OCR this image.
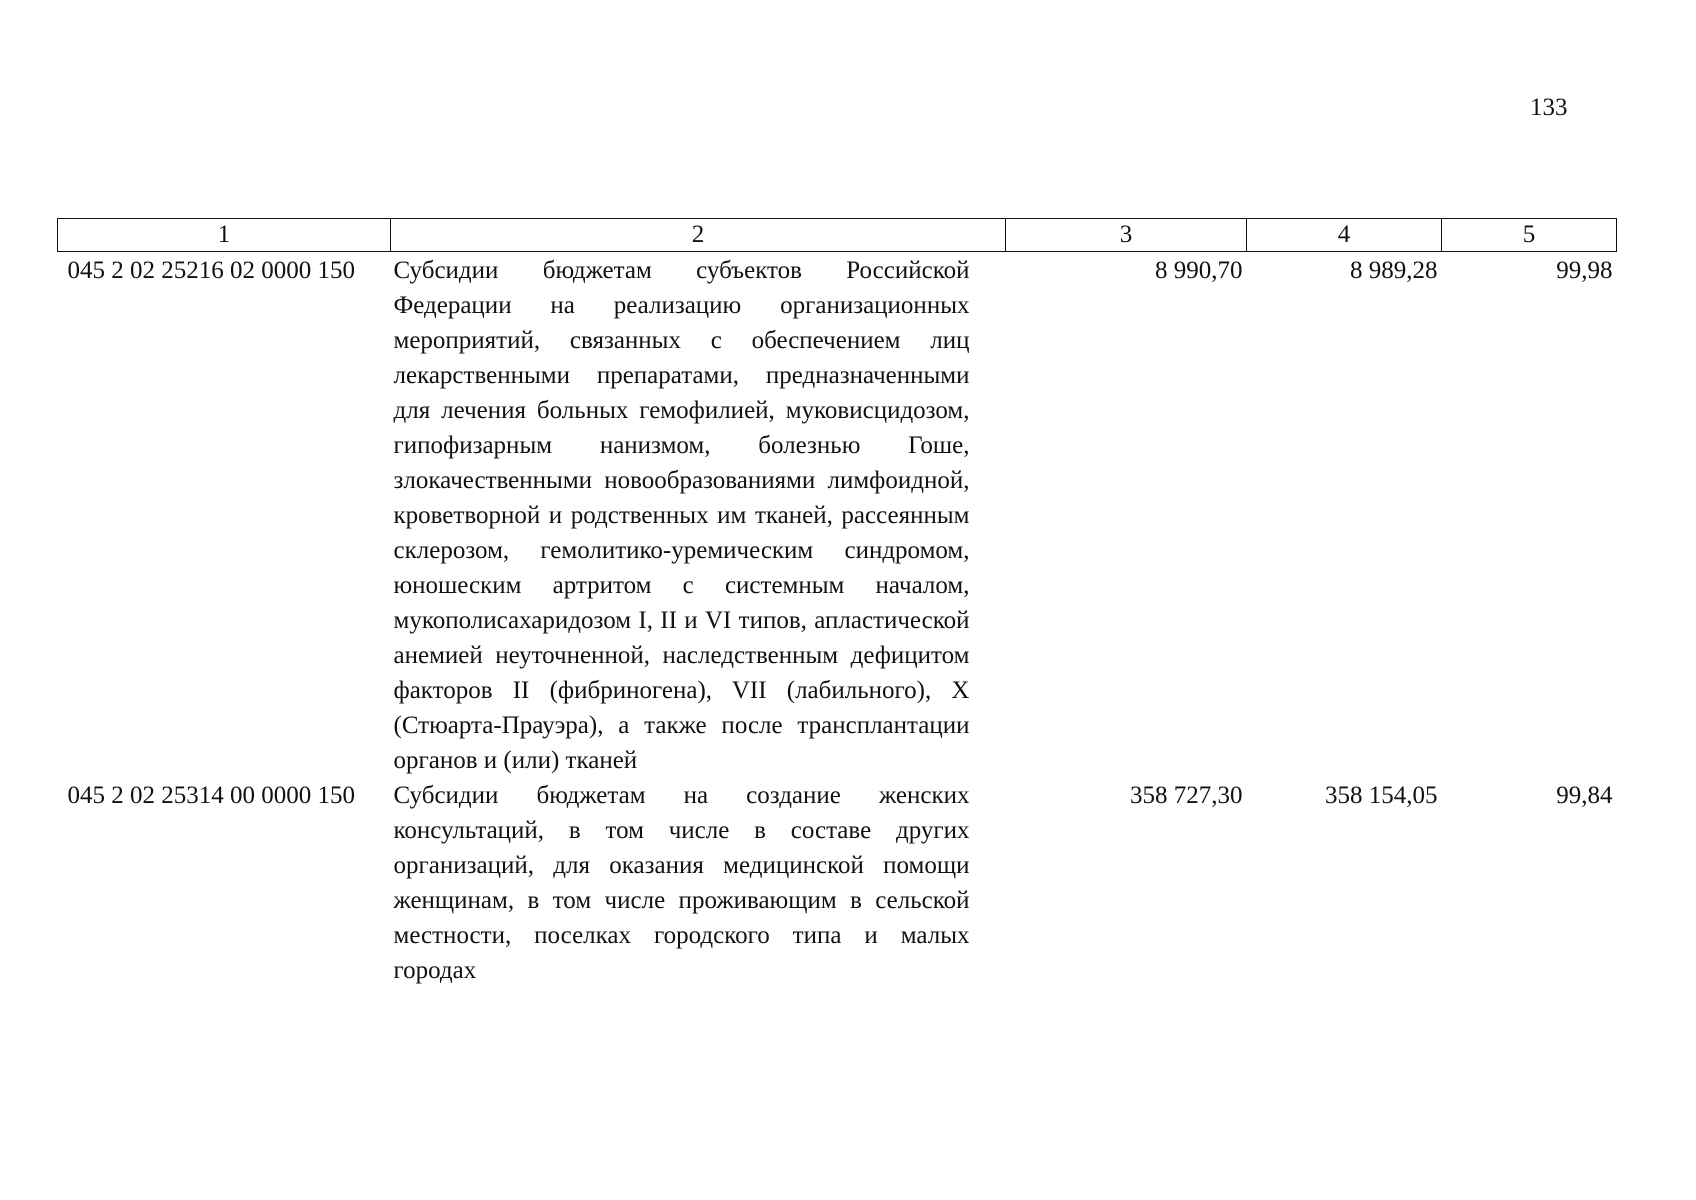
133
1	2	3	4	5
045 2 02 25216 02 0000 150	Субсидии бюджетам субъектов Российской Федерации на реализацию организационных мероприятий, связанных с обеспечением лиц лекарственными препаратами, предназначенными для лечения больных гемофилией, муковисцидозом, гипофизарным нанизмом, болезнью Гоше, злокачественными новообразованиями лимфоидной, кроветворной и родственных им тканей, рассеянным склерозом, гемолитико-уремическим синдромом, юношеским артритом с системным началом, мукополисахаридозом I, II и VI типов, апластической анемией неуточненной, наследственным дефицитом факторов II (фибриногена), VII (лабильного), X (Стюарта-Прауэра), а также после трансплантации органов и (или) тканей	8 990,70	8 989,28	99,98
045 2 02 25314 00 0000 150	Субсидии бюджетам на создание женских консультаций, в том числе в составе других организаций, для оказания медицинской помощи женщинам, в том числе проживающим в сельской местности, поселках городского типа и малых городах	358 727,30	358 154,05	99,84
